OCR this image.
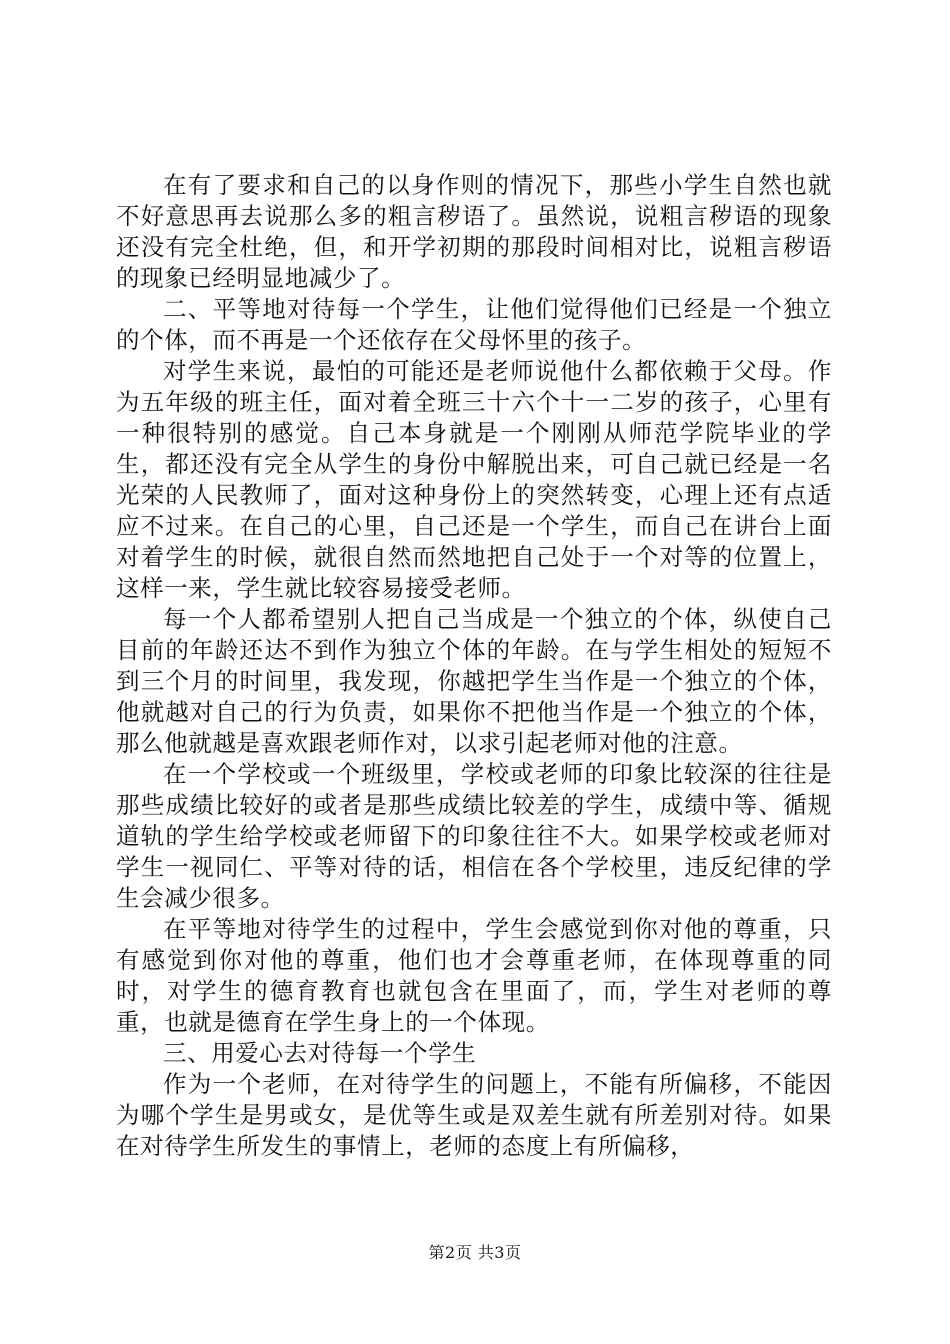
在有了要求和自己的以身作则的情况下，那些小学生自然也就不好意思再去说那么多的粗言秽语了。虽然说，说粗言秽语的现象还没有完全杜绝，但，和开学初期的那段时间相对比，说粗言秽语的现象已经明显地减少了。

二、平等地对待每一个学生，让他们觉得他们已经是一个独立的个体，而不再是一个还依存在父母怀里的孩子。

对学生来说，最怕的可能还是老师说他什么都依赖于父母。作为五年级的班主任，面对着全班三十六个十一二岁的孩子，心里有一种很特别的感觉。自己本身就是一个刚刚从师范学院毕业的学生，都还没有完全从学生的身份中解脱出来，可自己就已经是一名光荣的人民教师了，面对这种身份上的突然转变，心理上还有点适应不过来。在自己的心里，自己还是一个学生，而自己在讲台上面对着学生的时候，就很自然而然地把自己处于一个对等的位置上，这样一来，学生就比较容易接受老师。

每一个人都希望别人把自己当成是一个独立的个体，纵使自己目前的年龄还达不到作为独立个体的年龄。在与学生相处的短短不到三个月的时间里，我发现，你越把学生当作是一个独立的个体，他就越对自己的行为负责，如果你不把他当作是一个独立的个体，那么他就越是喜欢跟老师作对，以求引起老师对他的注意。

在一个学校或一个班级里，学校或老师的印象比较深的往往是那些成绩比较好的或者是那些成绩比较差的学生，成绩中等、循规道轨的学生给学校或老师留下的印象往往不大。如果学校或老师对学生一视同仁、平等对待的话，相信在各个学校里，违反纪律的学生会减少很多。

在平等地对待学生的过程中，学生会感觉到你对他的尊重，只有感觉到你对他的尊重，他们也才会尊重老师，在体现尊重的同时，对学生的德育教育也就包含在里面了，而，学生对老师的尊重，也就是德育在学生身上的一个体现。

三、用爱心去对待每一个学生

作为一个老师，在对待学生的问题上，不能有所偏移，不能因为哪个学生是男或女，是优等生或是双差生就有所差别对待。如果在对待学生所发生的事情上，老师的态度上有所偏移，

第2页 共3页
